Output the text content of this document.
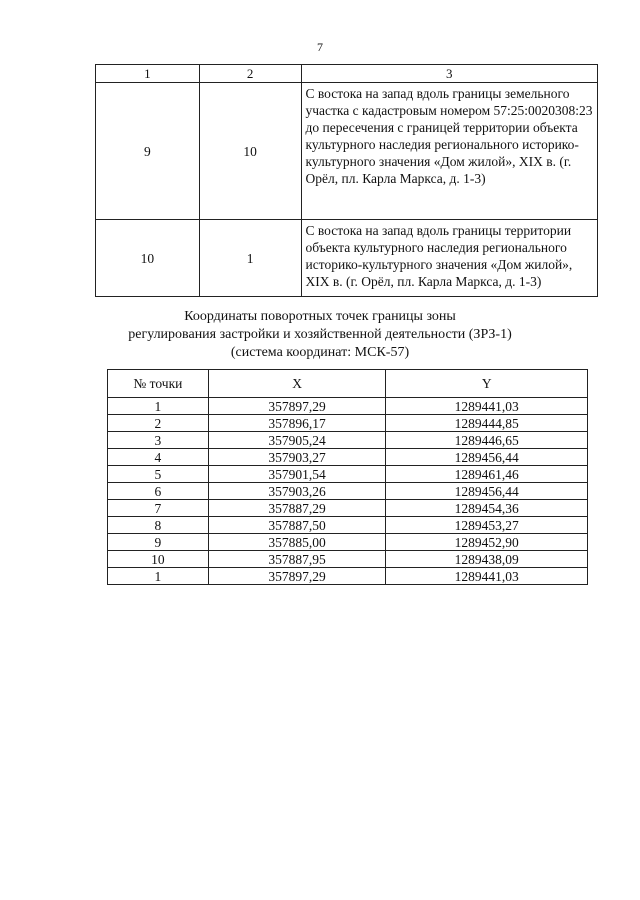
7
1	2	3
9	10	С востока на запад вдоль границы земельного участка с кадастровым номером 57:25:0020308:23 до пересечения с границей территории объекта культурного наследия регионального историко-культурного значения «Дом жилой», XIX в. (г. Орёл, пл. Карла Маркса, д. 1-3)
10	1	С востока на запад вдоль границы территории объекта культурного наследия регионального историко-культурного значения «Дом жилой», XIX в. (г. Орёл, пл. Карла Маркса, д. 1-3)
Координаты поворотных точек границы зоны
регулирования застройки и хозяйственной деятельности (ЗРЗ-1)
(система координат: МСК-57)
№ точки	X	Y
1	357897,29	1289441,03
2	357896,17	1289444,85
3	357905,24	1289446,65
4	357903,27	1289456,44
5	357901,54	1289461,46
6	357903,26	1289456,44
7	357887,29	1289454,36
8	357887,50	1289453,27
9	357885,00	1289452,90
10	357887,95	1289438,09
1	357897,29	1289441,03
